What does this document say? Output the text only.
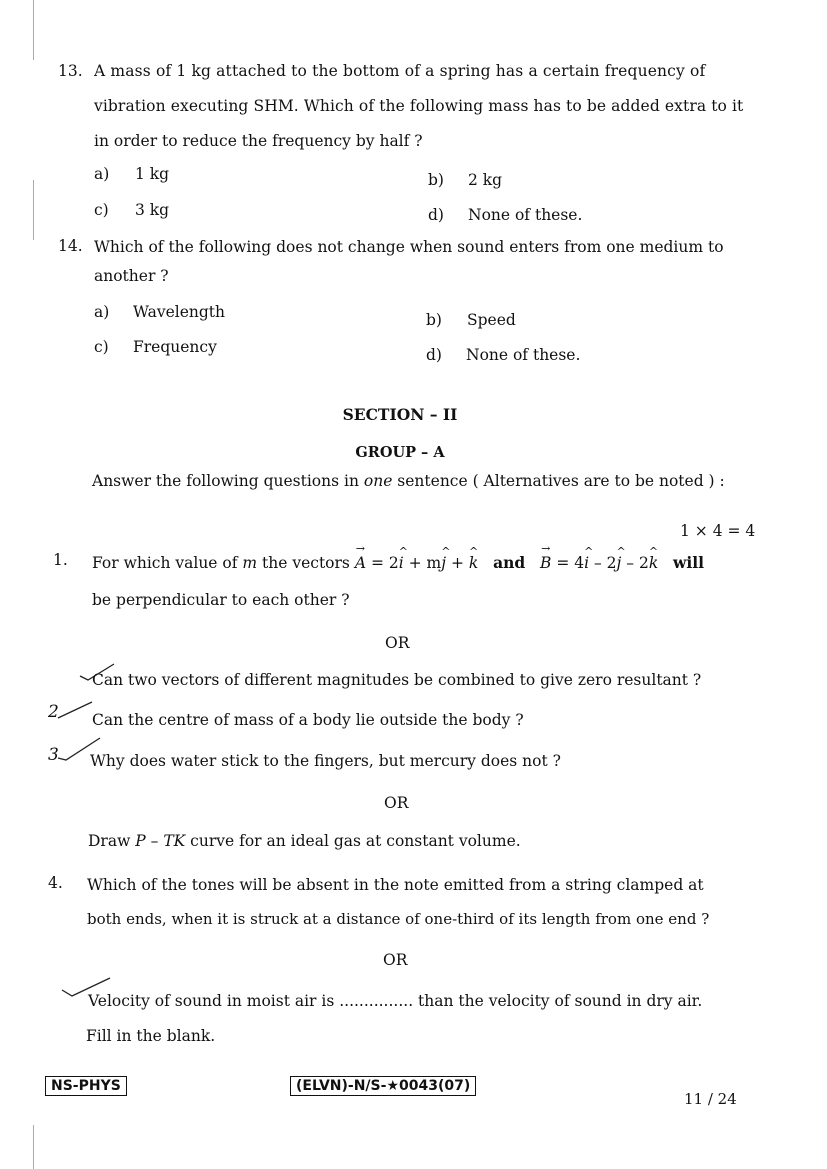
13. A mass of 1 kg attached to the bottom of a spring has a certain frequency of
vibration executing SHM. Which of the following mass has to be added extra to it
in order to reduce the frequency by half ?
a) 1 kg	b) 2 kg
c) 3 kg	d) None of these.
14. Which of the following does not change when sound enters from one medium to
another ?
a) Wavelength	b) Speed
c) Frequency	d) None of these.
SECTION – II
GROUP – A
Answer the following questions in one sentence ( Alternatives are to be noted ) :
1 × 4 = 4
1. For which value of m the vectors → A = 2^ i + m^ j + ^ k and   → B = 4^ i – 2^ j – 2^ k will
be perpendicular to each other ?
OR
Can two vectors of different magnitudes be combined to give zero resultant ?
2 Can the centre of mass of a body lie outside the body ?
3 Why does water stick to the fingers, but mercury does not ?
OR
Draw P – TK curve for an ideal gas at constant volume.
4. Which of the tones will be absent in the note emitted from a string clamped at
both ends, when it is struck at a distance of one-third of its length from one end ?
OR
Velocity of sound in moist air is ............... than the velocity of sound in dry air.
Fill in the blank.
NS-PHYS	(ELVN)-N/S-★0043(07)
11 / 24
